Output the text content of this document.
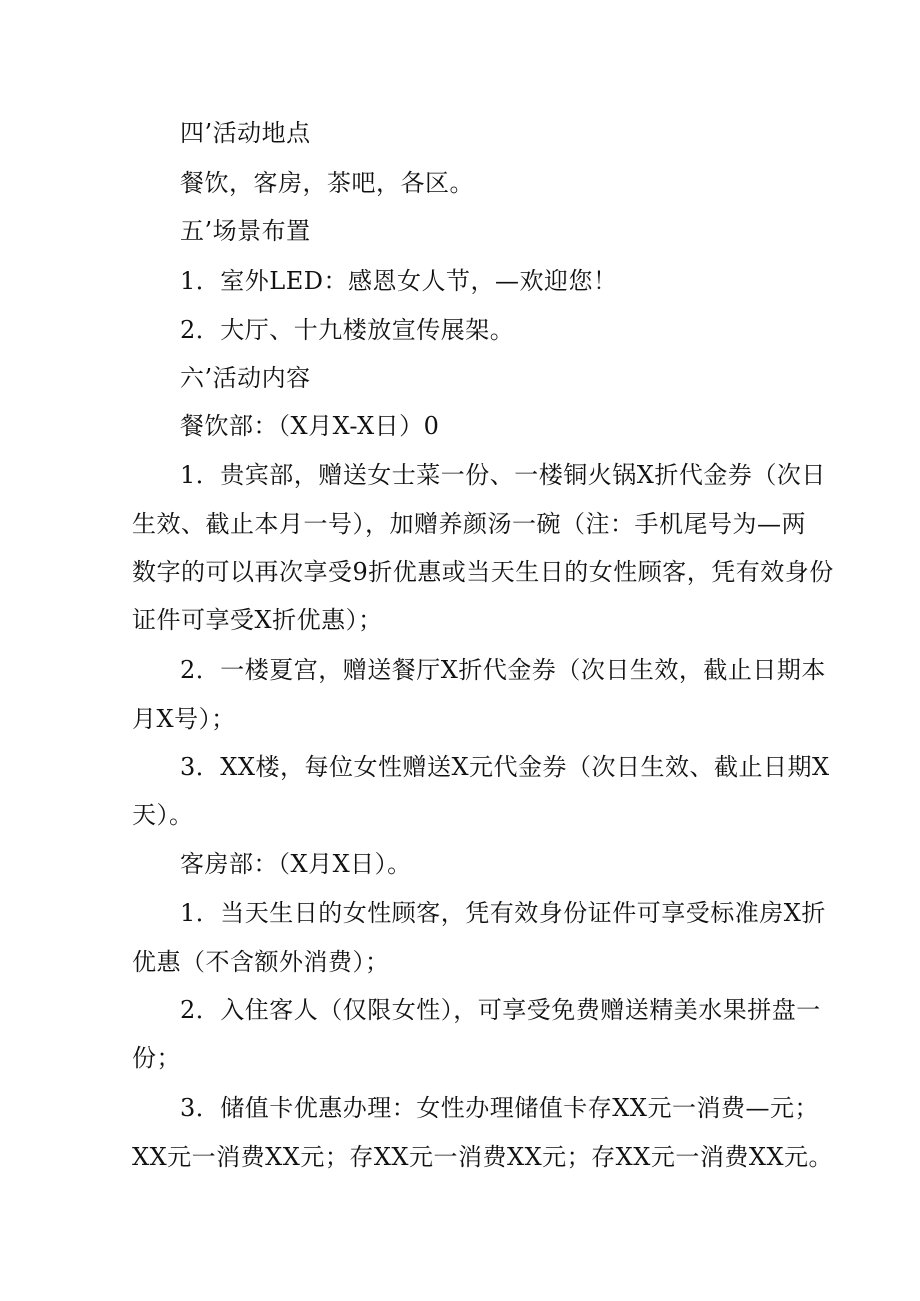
四’活动地点
餐饮，客房，茶吧，各区。
五’场景布置
1．室外LED：感恩女人节，—欢迎您！
2．大厅、十九楼放宣传展架。
六’活动内容
餐饮部：（X月X-X日）0
1．贵宾部，赠送女士菜一份、一楼铜火锅X折代金券（次日
生效、截止本月一号），加赠养颜汤一碗（注：手机尾号为—两
数字的可以再次享受9折优惠或当天生日的女性顾客，凭有效身份
证件可享受X折优惠）；
2．一楼夏宫，赠送餐厅X折代金券（次日生效，截止日期本
月X号）；
3．XX楼，每位女性赠送X元代金券（次日生效、截止日期X
天）。
客房部：（X月X日）。
1．当天生日的女性顾客，凭有效身份证件可享受标准房X折
优惠（不含额外消费）；
2．入住客人（仅限女性），可享受免费赠送精美水果拼盘一
份；
3．储值卡优惠办理：女性办理储值卡存XX元一消费—元；
XX元一消费XX元；存XX元一消费XX元；存XX元一消费XX元。
